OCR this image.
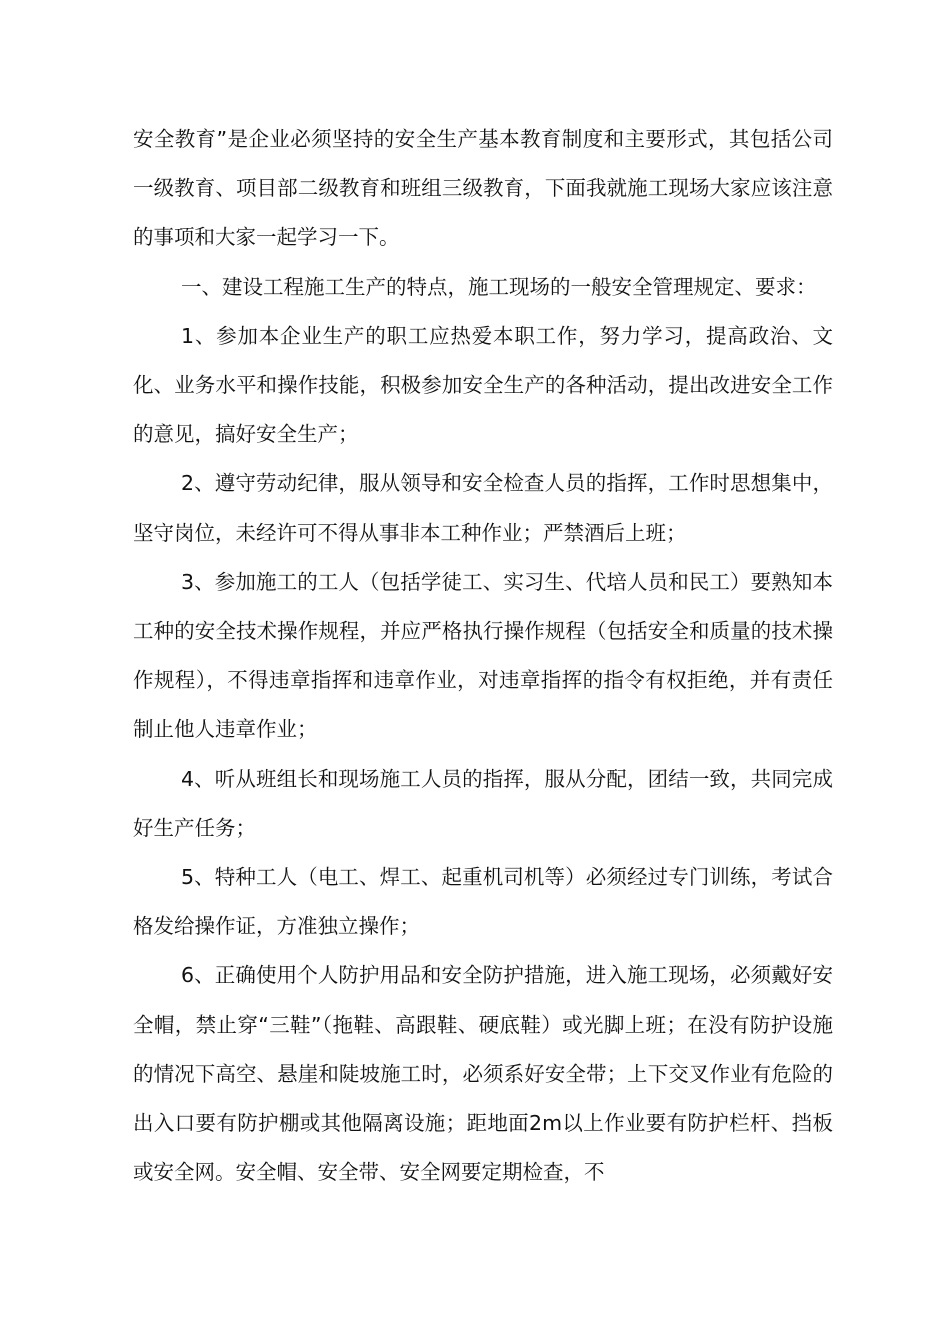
安全教育”是企业必须坚持的安全生产基本教育制度和主要形式，其包括公司一级教育、项目部二级教育和班组三级教育，下面我就施工现场大家应该注意的事项和大家一起学习一下。

一、建设工程施工生产的特点，施工现场的一般安全管理规定、要求：

1、参加本企业生产的职工应热爱本职工作，努力学习，提高政治、文化、业务水平和操作技能，积极参加安全生产的各种活动，提出改进安全工作的意见，搞好安全生产；

2、遵守劳动纪律，服从领导和安全检查人员的指挥，工作时思想集中，坚守岗位，未经许可不得从事非本工种作业；严禁酒后上班；

3、参加施工的工人（包括学徒工、实习生、代培人员和民工）要熟知本工种的安全技术操作规程，并应严格执行操作规程（包括安全和质量的技术操作规程），不得违章指挥和违章作业，对违章指挥的指令有权拒绝，并有责任制止他人违章作业；

4、听从班组长和现场施工人员的指挥，服从分配，团结一致，共同完成好生产任务；

5、特种工人（电工、焊工、起重机司机等）必须经过专门训练，考试合格发给操作证，方准独立操作；

6、正确使用个人防护用品和安全防护措施，进入施工现场，必须戴好安全帽，禁止穿“三鞋”（拖鞋、高跟鞋、硬底鞋）或光脚上班；在没有防护设施的情况下高空、悬崖和陡坡施工时，必须系好安全带；上下交叉作业有危险的出入口要有防护棚或其他隔离设施；距地面2m以上作业要有防护栏杆、挡板或安全网。安全帽、安全带、安全网要定期检查，不
